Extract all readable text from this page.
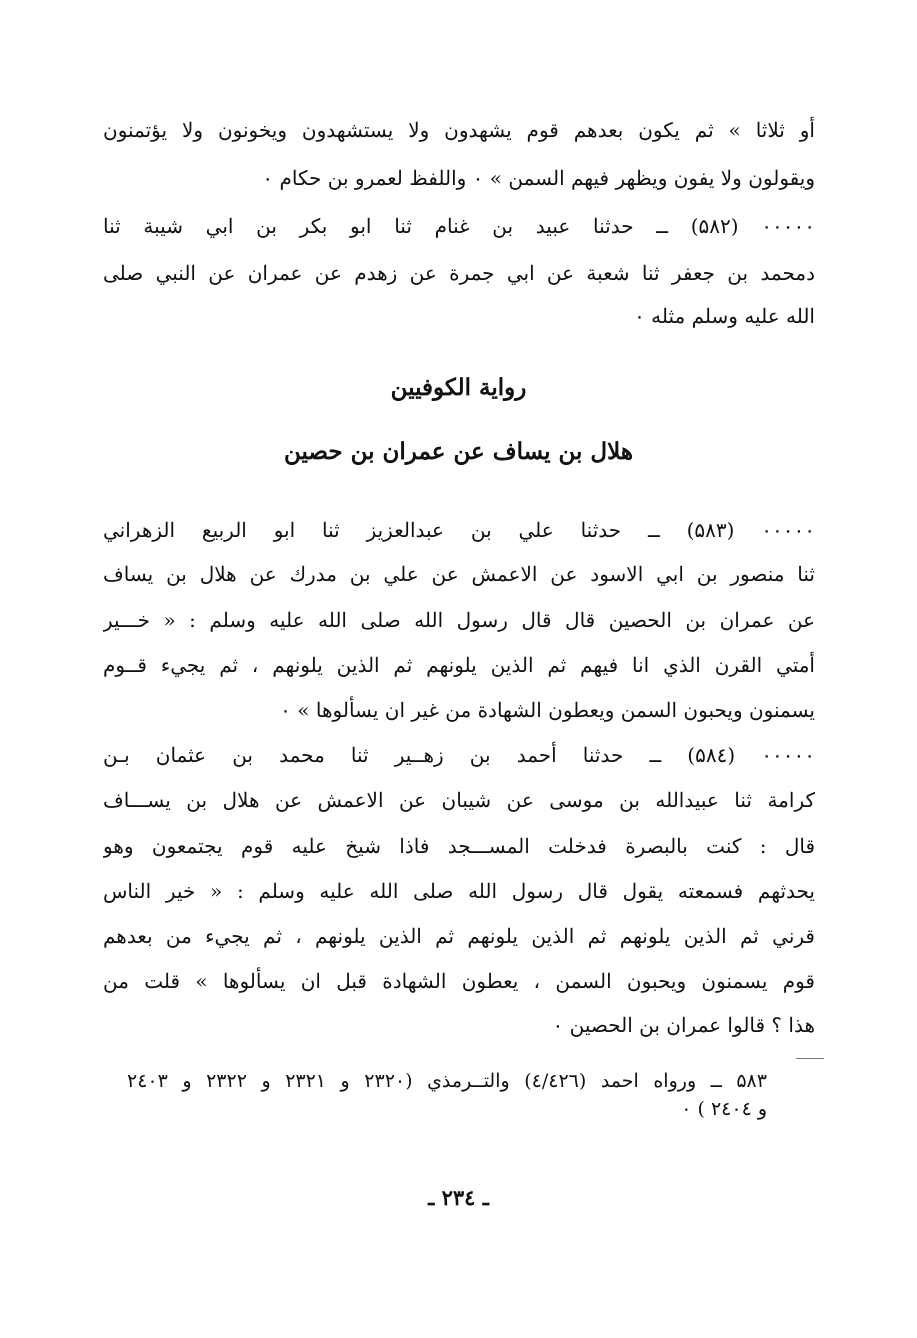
أو ثلاثا » ثم يكون بعدهم قوم يشهدون ولا يستشهدون ويخونون ولا يؤتمنون
ويقولون ولا يفون ويظهر فيهم السمن » ۰ واللفظ لعمرو بن حكام ۰
۰۰۰۰۰ (۵۸۲) ــ حدثنا عبيد بن غنام ثنا ابو بكر بن ابي شيبة ثنا
دمحمد بن جعفر ثنا شعبة عن ابي جمرة عن زهدم عن عمران عن النبي صلى
الله عليه وسلم مثله ۰
رواية الكوفيين
هلال بن يساف عن عمران بن حصين
۰۰۰۰۰ (۵۸۳) ــ حدثنا علي بن عبدالعزيز ثنا ابو الربيع الزهراني
ثنا منصور بن ابي الاسود عن الاعمش عن علي بن مدرك عن هلال بن يساف
عن عمران بن الحصين قال قال رسول الله صلى الله عليه وسلم : « خـــير
أمتي القرن الذي انا فيهم ثم الذين يلونهم ثم الذين يلونهم ، ثم يجيء قــوم
يسمنون ويحبون السمن ويعطون الشهادة من غير ان يسألوها » ۰
۰۰۰۰۰ (۵۸٤) ــ حدثنا أحمد بن زهــير ثنا محمد بن عثمان بـن
كرامة ثنا عبيدالله بن موسى عن شيبان عن الاعمش عن هلال بن يســـاف
قال : كنت بالبصرة فدخلت المســـجد فاذا شيخ عليه قوم يجتمعون وهو
يحدثهم فسمعته يقول قال رسول الله صلى الله عليه وسلم : « خير الناس
قرني ثم الذين يلونهم ثم الذين يلونهم ثم الذين يلونهم ، ثم يجيء من بعدهم
قوم يسمنون ويحبون السمن ، يعطون الشهادة قبل ان يسألوها » قلت من
هذا ؟ قالوا عمران بن الحصين ۰
۵۸۳ ــ ورواه احمد (٤/٤٢٦) والتــرمذي (۲۳۲۰ و ۲۳۲۱ و ۲۳۲۲ و ۲٤۰۳
و ۲٤۰٤ ) ۰
ـ ۲۳٤ ـ
